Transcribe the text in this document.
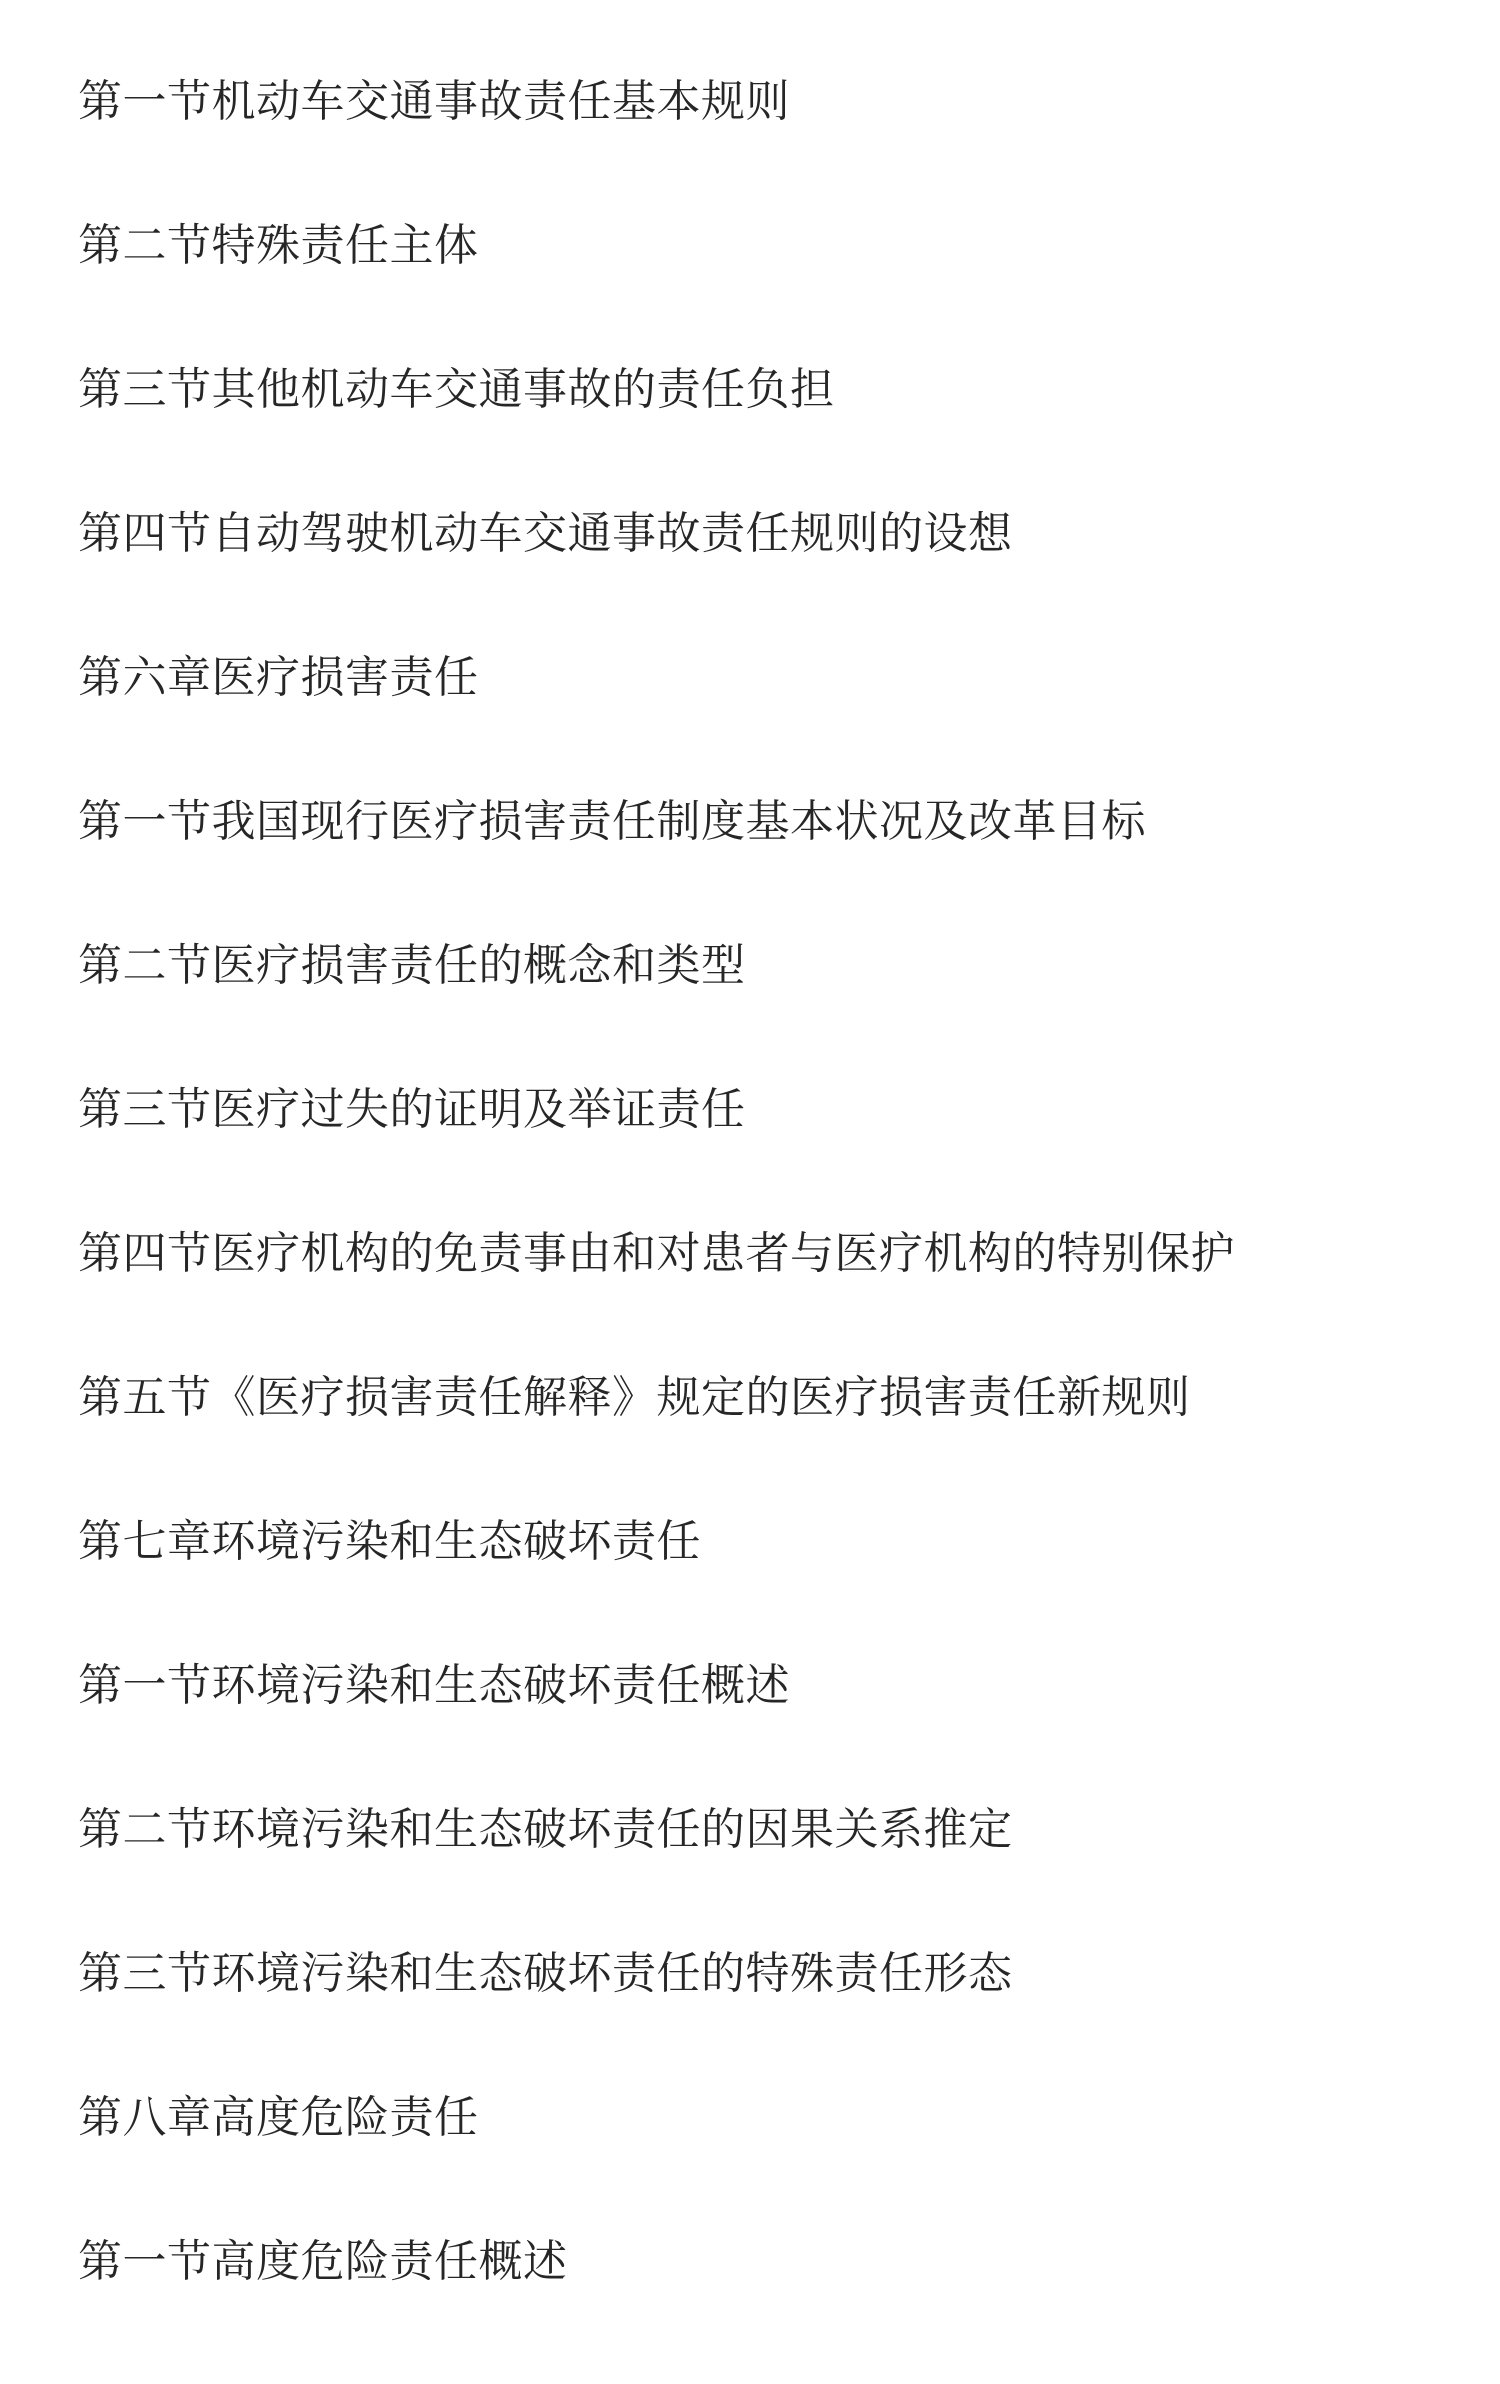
第一节机动车交通事故责任基本规则
第二节特殊责任主体
第三节其他机动车交通事故的责任负担
第四节自动驾驶机动车交通事故责任规则的设想
第六章医疗损害责任
第一节我国现行医疗损害责任制度基本状况及改革目标
第二节医疗损害责任的概念和类型
第三节医疗过失的证明及举证责任
第四节医疗机构的免责事由和对患者与医疗机构的特别保护
第五节《医疗损害责任解释》规定的医疗损害责任新规则
第七章环境污染和生态破坏责任
第一节环境污染和生态破坏责任概述
第二节环境污染和生态破坏责任的因果关系推定
第三节环境污染和生态破坏责任的特殊责任形态
第八章高度危险责任
第一节高度危险责任概述
